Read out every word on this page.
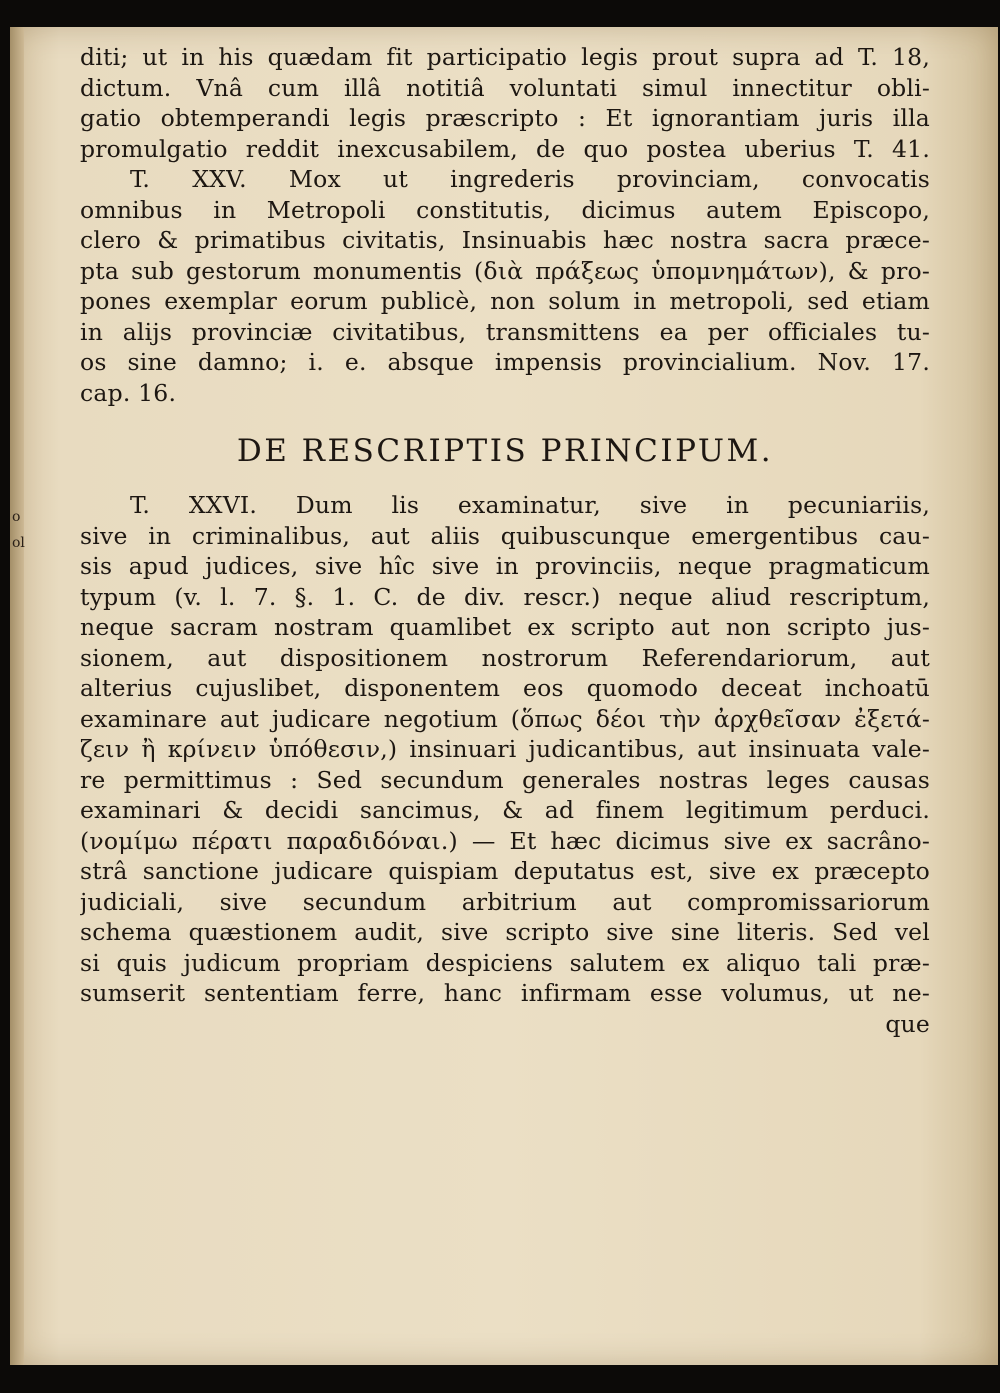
o
ol
diti; ut in his quædam fit participatio legis prout supra ad T. 18,
dictum. Vnâ cum illâ notitiâ voluntati simul innectitur obli-
gatio obtemperandi legis præscripto : Et ignorantiam juris illa
promulgatio reddit inexcusabilem, de quo postea uberius T. 41.
T. XXV. Mox ut ingrederis provinciam, convocatis
omnibus in Metropoli constitutis, dicimus autem Episcopo,
clero & primatibus civitatis, Insinuabis hæc nostra sacra præce-
pta sub gestorum monumentis (διὰ πράξεως ὑπομνημάτων), & pro-
pones exemplar eorum publicè, non solum in metropoli, sed etiam
in alijs provinciæ civitatibus, transmittens ea per officiales tu-
os sine damno; i. e. absque impensis provincialium. Nov. 17.
cap. 16.
DE RESCRIPTIS PRINCIPUM.
T. XXVI. Dum lis examinatur, sive in pecuniariis,
sive in criminalibus, aut aliis quibuscunque emergentibus cau-
sis apud judices, sive hîc sive in provinciis, neque pragmaticum
typum (v. l. 7. §. 1. C. de div. rescr.) neque aliud rescriptum,
neque sacram nostram quamlibet ex scripto aut non scripto jus-
sionem, aut dispositionem nostrorum Referendariorum, aut
alterius cujuslibet, disponentem eos quomodo deceat inchoatū
examinare aut judicare negotium (ὅπως δέοι τὴν ἀρχθεῖσαν ἐξετά-
ζειν ἢ κρίνειν ὑπόθεσιν,) insinuari judicantibus, aut insinuata vale-
re permittimus : Sed secundum generales nostras leges causas
examinari & decidi sancimus, & ad finem legitimum perduci.
(νομίμω πέρατι παραδιδόναι.) — Et hæc dicimus sive ex sacrâno-
strâ sanctione judicare quispiam deputatus est, sive ex præcepto
judiciali, sive secundum arbitrium aut compromissariorum
schema quæstionem audit, sive scripto sive sine literis. Sed vel
si quis judicum propriam despiciens salutem ex aliquo tali præ-
sumserit sententiam ferre, hanc infirmam esse volumus, ut ne-
que
